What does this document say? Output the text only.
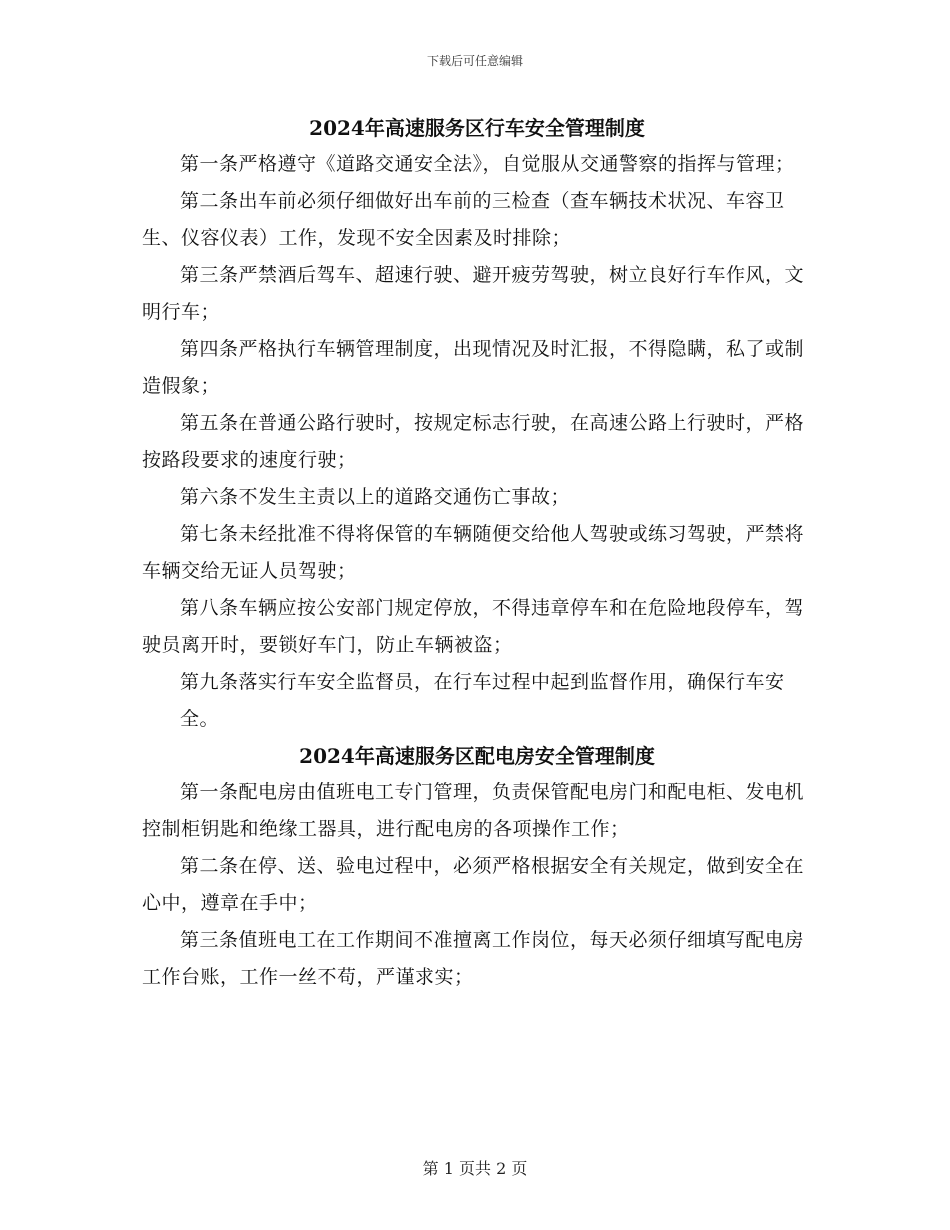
下载后可任意编辑
2024年高速服务区行车安全管理制度

第一条严格遵守《道路交通安全法》，自觉服从交通警察的指挥与管理；

第二条出车前必须仔细做好出车前的三检查（查车辆技术状况、车容卫生、仪容仪表）工作，发现不安全因素及时排除；

第三条严禁酒后驾车、超速行驶、避开疲劳驾驶，树立良好行车作风，文明行车；

第四条严格执行车辆管理制度，出现情况及时汇报，不得隐瞒，私了或制造假象；

第五条在普通公路行驶时，按规定标志行驶，在高速公路上行驶时，严格按路段要求的速度行驶；

第六条不发生主责以上的道路交通伤亡事故；

第七条未经批准不得将保管的车辆随便交给他人驾驶或练习驾驶，严禁将车辆交给无证人员驾驶；

第八条车辆应按公安部门规定停放，不得违章停车和在危险地段停车，驾驶员离开时，要锁好车门，防止车辆被盗；

第九条落实行车安全监督员，在行车过程中起到监督作用，确保行车安

全。

2024年高速服务区配电房安全管理制度

第一条配电房由值班电工专门管理，负责保管配电房门和配电柜、发电机控制柜钥匙和绝缘工器具，进行配电房的各项操作工作；

第二条在停、送、验电过程中，必须严格根据安全有关规定，做到安全在心中，遵章在手中；

第三条值班电工在工作期间不准擅离工作岗位，每天必须仔细填写配电房工作台账，工作一丝不苟，严谨求实；

第 1 页共 2 页
